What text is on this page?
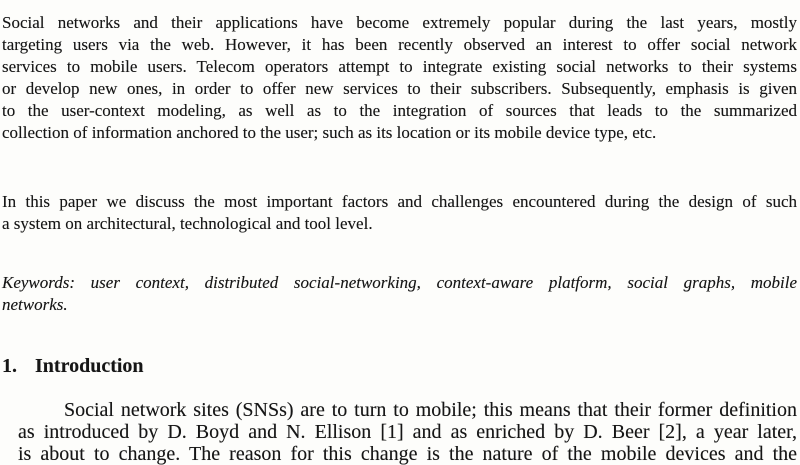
Social networks and their applications have become extremely popular during the last years, mostly
targeting users via the web. However, it has been recently observed an interest to offer social network
services to mobile users. Telecom operators attempt to integrate existing social networks to their systems
or develop new ones, in order to offer new services to their subscribers. Subsequently, emphasis is given
to the user-context modeling, as well as to the integration of sources that leads to the summarized
collection of information anchored to the user; such as its location or its mobile device type, etc.
In this paper we discuss the most important factors and challenges encountered during the design of such
a system on architectural, technological and tool level.
Keywords: user context, distributed social-networking, context-aware platform, social graphs, mobile
networks.
1. Introduction
Social network sites (SNSs) are to turn to mobile; this means that their former definition
as introduced by D. Boyd and N. Ellison [1] and as enriched by D. Beer [2], a year later,
is about to change. The reason for this change is the nature of the mobile devices and the
